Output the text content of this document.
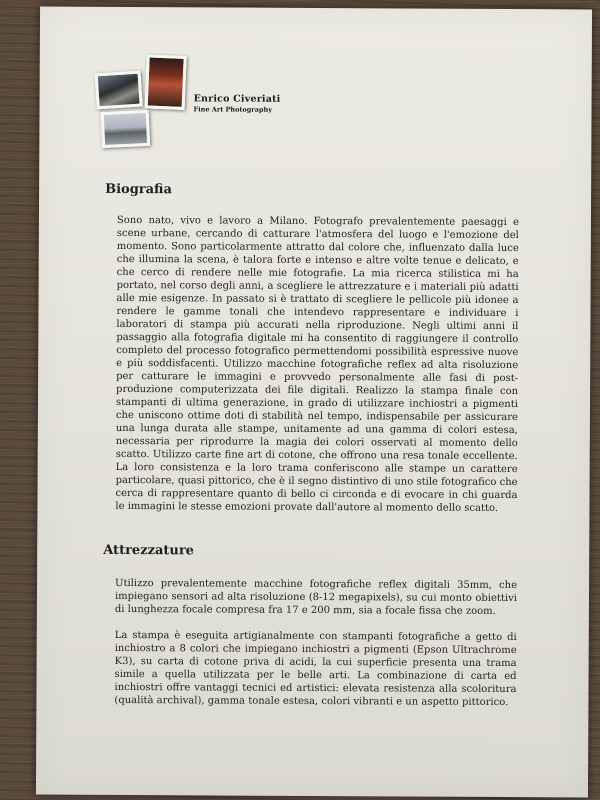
Enrico Civeriati
Fine Art Photography
Biografia

Sono nato, vivo e lavoro a Milano. Fotografo prevalentemente paesaggi e scene urbane, cercando di catturare l'atmosfera del luogo e l'emozione del momento. Sono particolarmente attratto dal colore che, influenzato dalla luce che illumina la scena, è talora forte e intenso e altre volte tenue e delicato, e che cerco di rendere nelle mie fotografie. La mia ricerca stilistica mi ha portato, nel corso degli anni, a scegliere le attrezzature e i materiali più adatti alle mie esigenze. In passato si è trattato di scegliere le pellicole più idonee a rendere le gamme tonali che intendevo rappresentare e individuare i laboratori di stampa più accurati nella riproduzione. Negli ultimi anni il passaggio alla fotografia digitale mi ha consentito di raggiungere il controllo completo del processo fotografico permettendomi possibilità espressive nuove e più soddisfacenti. Utilizzo macchine fotografiche reflex ad alta risoluzione per catturare le immagini e provvedo personalmente alle fasi di post-produzione computerizzata dei file digitali. Realizzo la stampa finale con stampanti di ultima generazione, in grado di utilizzare inchiostri a pigmenti che uniscono ottime doti di stabilità nel tempo, indispensabile per assicurare una lunga durata alle stampe, unitamente ad una gamma di colori estesa, necessaria per riprodurre la magia dei colori osservati al momento dello scatto. Utilizzo carte fine art di cotone, che offrono una resa tonale eccellente. La loro consistenza e la loro trama conferiscono alle stampe un carattere particolare, quasi pittorico, che è il segno distintivo di uno stile fotografico che cerca di rappresentare quanto di bello ci circonda e di evocare in chi guarda le immagini le stesse emozioni provate dall'autore al momento dello scatto.

Attrezzature

Utilizzo prevalentemente macchine fotografiche reflex digitali 35mm, che impiegano sensori ad alta risoluzione (8-12 megapixels), su cui monto obiettivi di lunghezza focale compresa fra 17 e 200 mm, sia a focale fissa che zoom.

La stampa è eseguita artigianalmente con stampanti fotografiche a getto di inchiostro a 8 colori che impiegano inchiostri a pigmenti (Epson Ultrachrome K3), su carta di cotone priva di acidi, la cui superficie presenta una trama simile a quella utilizzata per le belle arti. La combinazione di carta ed inchiostri offre vantaggi tecnici ed artistici: elevata resistenza alla scoloritura (qualità archival), gamma tonale estesa, colori vibranti e un aspetto pittorico.
